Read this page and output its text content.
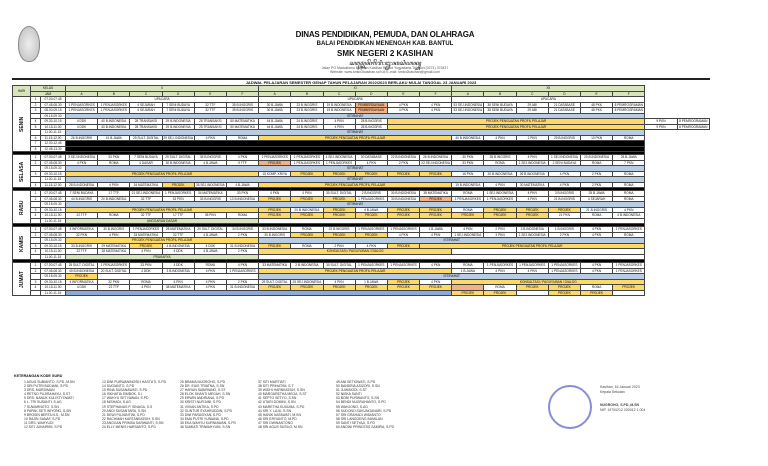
DINAS PENDIDIKAN, PEMUDA, DAN OLAHRAGA
BALAI PENDIDIKAN MENENGAH KAB. BANTUL
SMK NEGERI 2 KASIHAN
ꦱꦩ꧀ꦏꦺꦤꦼꦒꦼꦫꦶ꧇꧒꧇ꦏꦱꦶꦲꦤ꧀
Jalan PG Madukismo Bugisan Kasihan Bantul Yogyakarta Telepon (0274) 379437
Website: www.smkn2kasihan.sch.id E-mail: smkn2kasihan@gmail.com
JADWAL PELAJARAN SEMESTER GENAP TAHUN PELAJARAN 2022/2023 BERLAKU MULAI TANGGAL 23 JANUARI 2023
HARI	KELAS		X						XI						XII							
	JAM		A	B	C	D	E	F	A	B	C	D	E	F	A	B	C	D	E	F		
SENIN	1	07.00-07.45	UPACARA						UPACARA						UPACARA							
	2	07.45-08.30	1 PENJASORKES	1 PENJASORKES	4 SEJARAH	7 SENI BUDAYA	32 TTF	35 B.INGGRIS	30 B.JAWA	23 B.INGGRIS	19 B.INDONESIA	PEMBERDAYAAN	4 PKN	4 PKN	53 SEJ.INDONESIA	38 SENI BUDAYA	29 ABI	21 DATABASE	48 PKK	8 PEMROGRAMAN		
	3	08.30-09.15	1 PENJASORKES	1 PENJASORKES	4 SEJARAH	7 SENI BUDAYA	32 TTF	35 B.INGGRIS	30 B.JAWA	23 B.INGGRIS	19 B.INDONESIA	PEMBERDAYAAN	4 PKN	4 PKN	53 SEJ.INDONESIA	38 SENI BUDAYA	29 ABI	21 DATABASE	48 PKK	8 PEMROGRAMAN		
		09.15-09.30	ISTIRAHAT																			
	4	09.30-10.15	4 DDK	40 B.INDONESIA	28 TRANSAKSI	29 B.INDONESIA	25 TRANSAKSI	50 MATEMATIKA	44 B.JAWA	24 B.INGGRIS	4 PKN	28 B.INGGRIS	PROJEK PENGUATAN PROFIL PELAJAR								9 PKN	8 PEMROGRAMAN
	5	10.15-11.00	4 DDK	40 B.INDONESIA	28 TRANSAKSI	29 B.INDONESIA	25 TRANSAKSI	50 MATEMATIKA	44 B.JAWA	24 B.INGGRIS	4 PKN	28 B.INGGRIS	PROJEK PENGUATAN PROFIL PELAJAR								9 PKN	8 PEMROGRAMAN
		11.00-11.15	ISTIRAHAT																			
	6	11.15-12.00	26 B.INGGRIS	41 B.JAWA	29 SULT. DIGITAL	29 SEJ. INDONESIA	4 PKN	ROMA	PROJEK PENGUATAN PROFIL PELAJAR						40 B.INDONESIA	4 PKN	2 PKN	29 B.INGGRIS	10 PKN	ROMA		
	7	12.00-12.45																				
	8	12.45-13.30																				

SELASA	1	07.00-07.45	3 SEJ.INDONESIA	33 PKN	7 SENI BUDAYA	29 SULT. DIGITAL	35 B.INGGRIS	4 PKN	1 PENJASORKES	1 PENJASORKES	4 SEJ.INDONESIA	30 DATABASE	22 B.INDONESIA	26 B.INDONESIA	30 PKN	35 B.INGGRIS	4 PKN	1 SEJ.INDONESIA	20 B.INDONESIA	25 B.JAWA		
	2	07.45-08.30	4 PKN	ROMA	4 DASAR	30 B.INDONESIA	4 B.JAWA	9 TTF	PROJEK	1 PENJASORKES	1 PENJASORKES	4 PKN	2 PKN	22 SEJ.INDONESIA	33 PKN	ROMA	1 SEJ.INDONESIA	2 SENI BUDAYA	ROMA	7 PKN		
		09.15-09.30	ISTIRAHAT																			
	3	09.30-10.15	PROJEK PENGUATAN PROFIL PELAJAR						15 KOMP. KRIYA	PROJEK	PROJEK	PROJEK	PROJEK	PROJEK	16 PKN	20 B.INDONESIA	26 B.INDONESIA	4 PKN	2 PKN	ROMA		
		11.00-11.15	ISTIRAHAT																			
	4	11.15-12.00	28 B.INDONESIA	4 PKN	34 MATEMATIKA	PROJEK	35 SEJ.INDONESIA	4 B.JAWA	PROJEK PENGUATAN PROFIL PELAJAR						19 B.INDONESIA	4 PKN	30 MATEMATIKA	4 PKN	2 PKN	ROMA		

RABU	1	07.00-07.45	7 SENI BUDAYA	17 TTF	21 SEJ.INDONESIA	1 PENJASORKES	34 MATEMATIKA	33 PKN	4 PKN	4 PKN	30 SULT. DIGITAL	2 B.INGGRIS	30 B.INDONESIA	38 MATEMATIKA	ROMA	1 SEJ.INDONESIA	4 PKN	3 B.INGGRIS	25 B.JAWA	ROMA		
	2	07.45-08.30	44 B.INGGRIS	20 B.INDONESIA	32 TTF	33 PKN	33 B.INGGRIS	13 B.INDONESIA	PROJEK	PROJEK	PROJEK	1 PENJASORKES	30 B.INDONESIA	PROJEK	1 PENJASORKES	1 PENJASORKES	4 PKN	21 B.INGGRIS	4 SEJARAH	ROMA		
		09.15-09.30	ISTIRAHAT																			
	3	09.30-10.15	PROJEK PENGUATAN PROFIL PELAJAR						PROJEK	20 B.INDONESIA	PROJEK	4 B.JAWA	PROJEK	PROJEK	ROMA	PROJEK	PROJEK	PROJEK	21 B.INGGRIS	4 PKN		
	4	10.15-11.00	22 TTF	ROMA	32 TTF	17 TTF	35 PKN	ROMA	PROJEK	PROJEK	PROJEK	PROJEK	PROJEK	PROJEK	PROJEK	PROJEK	PROJEK	21 PKN	ROMA	4 B.INDONESIA		
		11.00-11.15	ANGGARAN DASAR																			

KAMIS	1	07.00-07.45	4 INFORMATIKA	30 B.INGGRIS	1 PENJASORKES	28 MATEMATIKA	20 SULT. DIGITAL	34 B.INGGRIS	33 B.INDONESIA	ROMA	22 B.INGGRIS	1 PENJASORKES	1 PENJASORKES	1 B.JAWA	4 PKN	2 PKN	3 B.INDONESIA	1 B.INGGRIS	4 PKN	1 PENJASORKES		
	2	07.45-08.30	32 PKN	4 PKN	33 MATEMATIKA	32 TTF	4 B.JAWA	2 PKN	30 B.INGGRIS	PROJEK	PROJEK	PROJEK	4 PKN	4 PKN	1 SEJ.INDONESIA	3 PKN	1 SEJ.INDONESIA	2 PKN	4 PKN	ROMA		
		09.15-09.30	PROJEK PENGUATAN PROFIL PELAJAR						ISTIRAHAT													
	3	09.30-10.15	33 B.INGGRIS	29 MATEMATIKA	PROJEK	4 B.INDONESIA	4 DDK	31 B.INDONESIA	PROJEK	ROMA	2 PKN	4 PKN	PROJEK	PROJEK PENGUATAN PROFIL PELAJAR								
	4	10.15-11.00	22 TTF	28 MATEMATIKA	4 PKN	4 DDK	4 B.JAWA	2 PKN	KONSULTASI / PAGUYUBAN / DIALOG													
		11.00-11.15	PRAKARYA																			

JUMAT	1	07.00-07.45	25 SULT. DIGITAL	1 PENJASORKES	33 PKN	4 DDK	ROMA	4 PKN	33 MATEMATIKA	2 B.INDONESIA	30 SULT. DIGITAL	1 PENJASORKES	1 PENJASORKES	4 PKN	ROMA	1 PENJASORKES	1 PENJASORKES	1 PENJASORKES	4 PKN	1 PENJASORKES		
	2	07.45-08.30	40 B.INDONESIA	20 SULT. DIGITAL	4 DDK	3 B.INDONESIA	4 PKN	1 PENJASORKES	PROJEK PENGUATAN PROFIL PELAJAR						1 B.JAWA	4 PKN	4 PKN	1 PENJASORKES	4 PKN	1 PENJASORKES		
		09.15-09.30	PROJEK						ISTIRAHAT													
	3	09.30-10.15	4 INFORMATIKA	32 PKN	ROMA	4 PKN	4 PKN	2 PKN	29 SULT. DIGITAL	25 SEJ.INDONESIA	4 PKN	1 B.JAWA	PROJEK	4 PKN	KONSULTASI / PAGUYUBAN / DIALOG							
	4	10.15-11.00	4 DDK	22 TTF	4 PKN	38 MATEMATIKA	4 PKN	31 B.INDONESIA	PROJEK	PROJEK	PROJEK	PROJEK	PROJEK	PROJEK		ROMA	PROJEK	PROJEK	ROMA	PROJEK		
		11.00-11.15													PROJEK	PROJEK		PROJEK	PROJEK			
KETERANGAN KODE GURU
1 AGUS SUBIANTO, S.PD.,M.SN
2 SRI PUTRI BUDIANI, S.PD
3 DRS. MURDIMAN
4 RETNO PUJIRAHAYU, S.ST
5 DRS. NANUK KULISTYOWATI
6 L. TRI SUSANTI, S.AG
7 SUWARNOTO, S.SN
8 PAPAK SETI WIYONO, S.SN
9 BROSIN BERTA N.S., M.SN
10 RAJIN SANAF, S.PD
11 DRS. WAHYUDI
12 SITI JUHAIRINI, S.PD
13 DWI PURWANINGSIH HASTUTI, S.PD
14 SUGIANTO, S.PD
15 RINA SUSANAWATI, S.PD
16 ISKHATIA SIMBOK, S.I
17 WAHYU SETYAWAN, S.PD
18 MISHADI, S.AG
19 STEPHANUS P. SINAGA, S.S
20 ANDI SUSANTARA, S.SN
21 DEWI PUJIANTINI, S.PD
22 RACHMAH KARTANINGSIH, S.SN
23 ANGGAN PRIMSA SARWANTI, S.SN
24 ELLY MENIS HARSANTO, S.PD
25 BRAMA NUGROHO, S.PD
26 DR. EUIS TRIATNA, S.SN
27 HARUN SABIRIANO, S.ST
28 ELOK SHANTI MEGAH, S.SN
29 ERWIN ANDRIANA, S.PD
30 KRISTI NUR'AINI, S.PD
31 VIVIAN ANTIKA, S.PD
32 GUNTUR SYAHRUDDIN, S.PD
33 DWI PARASIYAN, S.PD
34 EMA PUTRI YUNIANA, S.PD
35 EKA WAHYU KURNIAWAN, S.PD
36 SUMIATI TRIWAHYUNI, S.SN
37 SITI MURTIATI
38 SITI PRIHATINI, S.T
39 WIDHI HARNINGSIH, S.SN
40 MARGARETHA MEGA, S.ST
41 SEPTO SETYO, S.SN
42 UTARI DOMINI, S.SN
43 MARETHA KUSUMA, S.PD
44 SRI Y. LAJU, S.SN
45 HANIK NATAWATI, M.SN
46 SRI ERIYANTO, M.PD
47 SRI DWINANTONO
48 SRI AGUS SUSILO, M.SN
49 ANI SETIOWATI, S.PD
50 BANDRIA ASIZORI, S.SN
51 JUWINODI, S.ST
52 NISKA SANTI
53 BOBI PURWANTO, S.SN
54 BENDI NUGRAHANTO, S.PD
55 WAHJONO, S.AG
56 SUDONO SUKUNGANARI, S.PD
57 SRI GRAHADI WIDIANTO
58 SRI LANGGENG BUMILAN
59 SANTI SETYAJI, S.PD
60 ANDINI PRINCESS SAMIRA, S.PD
Kasihan, 16 Januari 2023
Kepala Sekolah
NUGROHO, S.PD.,M.SN
NIP. 19700212 200012 1 004
